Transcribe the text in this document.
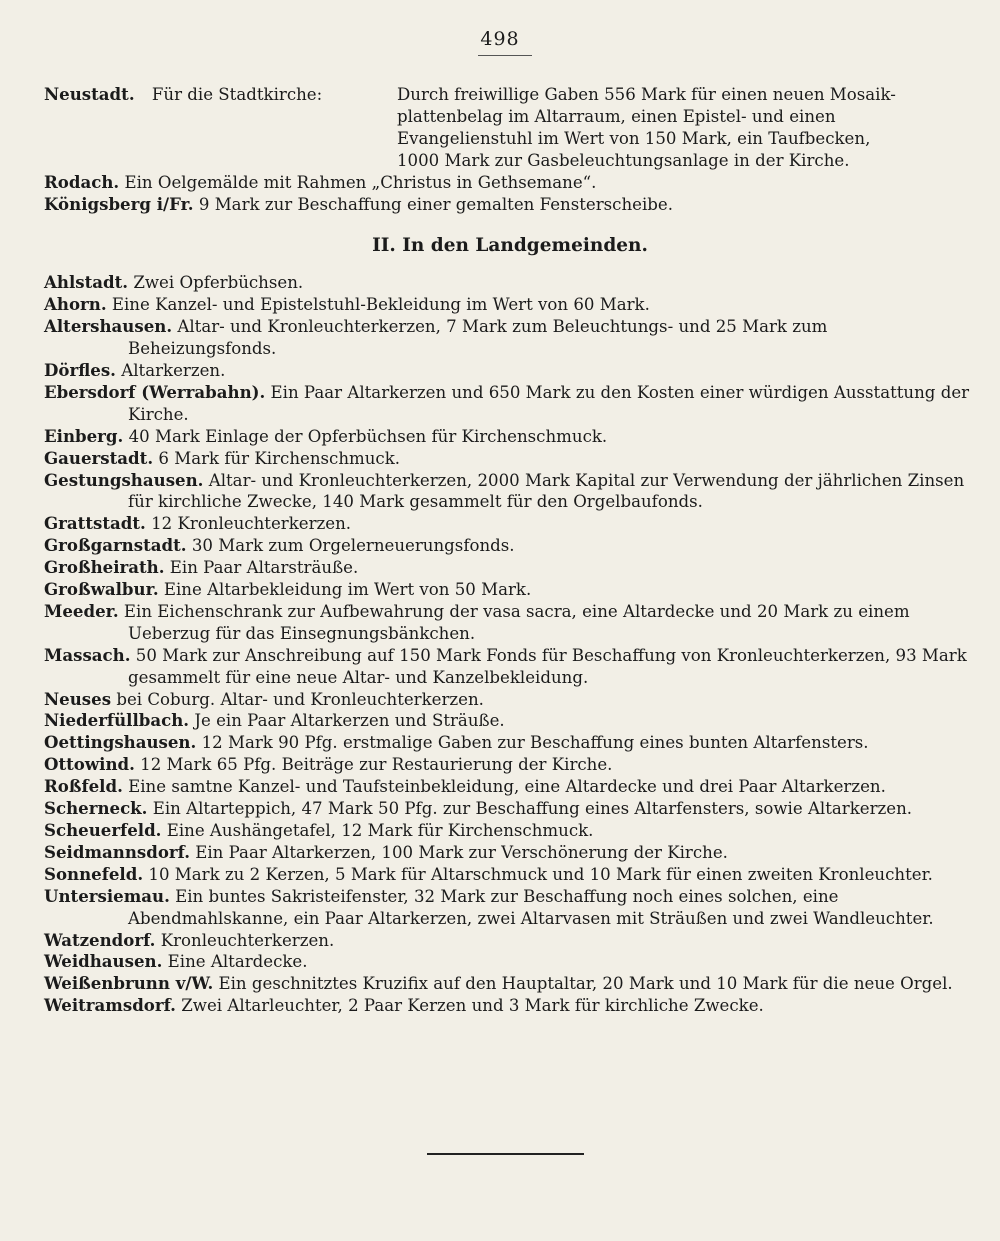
498
Neustadt. Für die Stadtkirche:	Durch freiwillige Gaben 556 Mark für einen neuen Mosaik-
plattenbelag im Altarraum, einen Epistel- und einen
Evangelienstuhl im Wert von 150 Mark, ein Taufbecken,
1000 Mark zur Gasbeleuchtungsanlage in der Kirche.
Rodach. Ein Oelgemälde mit Rahmen „Christus in Gethsemane“.
Königsberg i/Fr. 9 Mark zur Beschaffung einer gemalten Fensterscheibe.
II. In den Landgemeinden.
Ahlstadt. Zwei Opferbüchsen.
Ahorn. Eine Kanzel- und Epistelstuhl-Bekleidung im Wert von 60 Mark.
Altershausen. Altar- und Kronleuchterkerzen, 7 Mark zum Beleuchtungs- und 25 Mark zum Beheizungsfonds.
Dörfles. Altarkerzen.
Ebersdorf (Werrabahn). Ein Paar Altarkerzen und 650 Mark zu den Kosten einer würdigen Ausstattung der Kirche.
Einberg. 40 Mark Einlage der Opferbüchsen für Kirchenschmuck.
Gauerstadt. 6 Mark für Kirchenschmuck.
Gestungshausen. Altar- und Kronleuchterkerzen, 2000 Mark Kapital zur Verwendung der jährlichen Zinsen für kirchliche Zwecke, 140 Mark gesammelt für den Orgelbaufonds.
Grattstadt. 12 Kronleuchterkerzen.
Großgarnstadt. 30 Mark zum Orgelerneuerungsfonds.
Großheirath. Ein Paar Altarsträuße.
Großwalbur. Eine Altarbekleidung im Wert von 50 Mark.
Meeder. Ein Eichenschrank zur Aufbewahrung der vasa sacra, eine Altardecke und 20 Mark zu einem Ueberzug für das Einsegnungsbänkchen.
Massach. 50 Mark zur Anschreibung auf 150 Mark Fonds für Beschaffung von Kronleuchterkerzen, 93 Mark gesammelt für eine neue Altar- und Kanzelbekleidung.
Neuses bei Coburg. Altar- und Kronleuchterkerzen.
Niederfüllbach. Je ein Paar Altarkerzen und Sträuße.
Oettingshausen. 12 Mark 90 Pfg. erstmalige Gaben zur Beschaffung eines bunten Altarfensters.
Ottowind. 12 Mark 65 Pfg. Beiträge zur Restaurierung der Kirche.
Roßfeld. Eine samtne Kanzel- und Taufsteinbekleidung, eine Altardecke und drei Paar Altarkerzen.
Scherneck. Ein Altarteppich, 47 Mark 50 Pfg. zur Beschaffung eines Altarfensters, sowie Altarkerzen.
Scheuerfeld. Eine Aushängetafel, 12 Mark für Kirchenschmuck.
Seidmannsdorf. Ein Paar Altarkerzen, 100 Mark zur Verschönerung der Kirche.
Sonnefeld. 10 Mark zu 2 Kerzen, 5 Mark für Altarschmuck und 10 Mark für einen zweiten Kronleuchter.
Untersiemau. Ein buntes Sakristeifenster, 32 Mark zur Beschaffung noch eines solchen, eine Abendmahlskanne, ein Paar Altarkerzen, zwei Altarvasen mit Sträußen und zwei Wandleuchter.
Watzendorf. Kronleuchterkerzen.
Weidhausen. Eine Altardecke.
Weißenbrunn v/W. Ein geschnitztes Kruzifix auf den Hauptaltar, 20 Mark und 10 Mark für die neue Orgel.
Weitramsdorf. Zwei Altarleuchter, 2 Paar Kerzen und 3 Mark für kirchliche Zwecke.
